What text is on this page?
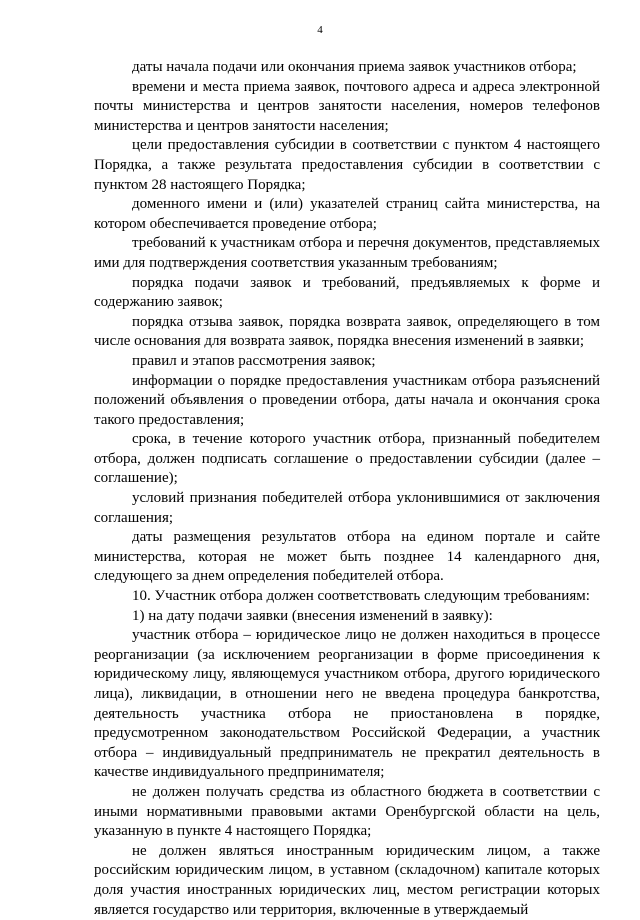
4

даты начала подачи или окончания приема заявок участников отбора;

времени и места приема заявок, почтового адреса и адреса электронной почты министерства и центров занятости населения, номеров телефонов министерства и центров занятости населения;

цели предоставления субсидии в соответствии с пунктом 4 настоящего Порядка, а также результата предоставления субсидии в соответствии с пунктом 28 настоящего Порядка;

доменного имени и (или) указателей страниц сайта министерства, на котором обеспечивается проведение отбора;

требований к участникам отбора и перечня документов, представляемых ими для подтверждения соответствия указанным требованиям;

порядка подачи заявок и требований, предъявляемых к форме и содержанию заявок;

порядка отзыва заявок, порядка возврата заявок, определяющего в том числе основания для возврата заявок, порядка внесения изменений в заявки;

правил и этапов рассмотрения заявок;

информации о порядке предоставления участникам отбора разъяснений положений объявления о проведении отбора, даты начала и окончания срока такого предоставления;

срока, в течение которого участник отбора, признанный победителем отбора, должен подписать соглашение о предоставлении субсидии (далее – соглашение);

условий признания победителей отбора уклонившимися от заключения соглашения;

даты размещения результатов отбора на едином портале и сайте министерства, которая не может быть позднее 14 календарного дня, следующего за днем определения победителей отбора.

10. Участник отбора должен соответствовать следующим требованиям:

1) на дату подачи заявки (внесения изменений в заявку):

участник отбора – юридическое лицо не должен находиться в процессе реорганизации (за исключением реорганизации в форме присоединения к юридическому лицу, являющемуся участником отбора, другого юридического лица), ликвидации, в отношении него не введена процедура банкротства, деятельность участника отбора не приостановлена в порядке, предусмотренном законодательством Российской Федерации, а участник отбора – индивидуальный предприниматель не прекратил деятельность в качестве индивидуального предпринимателя;

не должен получать средства из областного бюджета в соответствии с иными нормативными правовыми актами Оренбургской области на цель, указанную в пункте 4 настоящего Порядка;

не должен являться иностранным юридическим лицом, а также российским юридическим лицом, в уставном (складочном) капитале которых доля участия иностранных юридических лиц, местом регистрации которых является государство или территория, включенные в утверждаемый
